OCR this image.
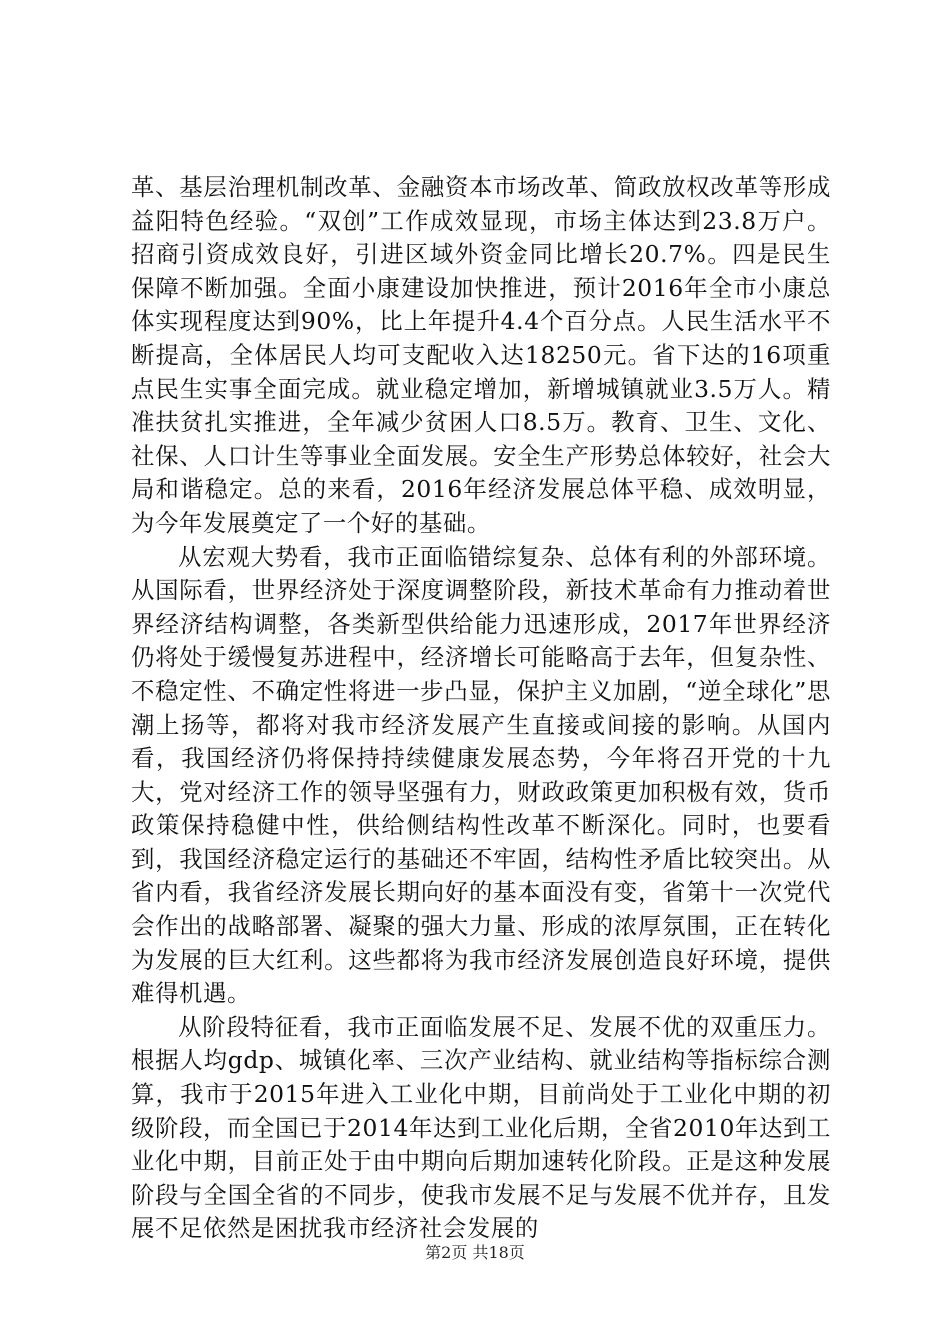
革、基层治理机制改革、金融资本市场改革、简政放权改革等形成益阳特色经验。“双创”工作成效显现，市场主体达到23.8万户。招商引资成效良好，引进区域外资金同比增长20.7%。四是民生保障不断加强。全面小康建设加快推进，预计2016年全市小康总体实现程度达到90%，比上年提升4.4个百分点。人民生活水平不断提高，全体居民人均可支配收入达18250元。省下达的16项重点民生实事全面完成。就业稳定增加，新增城镇就业3.5万人。精准扶贫扎实推进，全年减少贫困人口8.5万。教育、卫生、文化、社保、人口计生等事业全面发展。安全生产形势总体较好，社会大局和谐稳定。总的来看，2016年经济发展总体平稳、成效明显，为今年发展奠定了一个好的基础。

从宏观大势看，我市正面临错综复杂、总体有利的外部环境。从国际看，世界经济处于深度调整阶段，新技术革命有力推动着世界经济结构调整，各类新型供给能力迅速形成，2017年世界经济仍将处于缓慢复苏进程中，经济增长可能略高于去年，但复杂性、不稳定性、不确定性将进一步凸显，保护主义加剧，“逆全球化”思潮上扬等，都将对我市经济发展产生直接或间接的影响。从国内看，我国经济仍将保持持续健康发展态势，今年将召开党的十九大，党对经济工作的领导坚强有力，财政政策更加积极有效，货币政策保持稳健中性，供给侧结构性改革不断深化。同时，也要看到，我国经济稳定运行的基础还不牢固，结构性矛盾比较突出。从省内看，我省经济发展长期向好的基本面没有变，省第十一次党代会作出的战略部署、凝聚的强大力量、形成的浓厚氛围，正在转化为发展的巨大红利。这些都将为我市经济发展创造良好环境，提供难得机遇。

从阶段特征看，我市正面临发展不足、发展不优的双重压力。根据人均gdp、城镇化率、三次产业结构、就业结构等指标综合测算，我市于2015年进入工业化中期，目前尚处于工业化中期的初级阶段，而全国已于2014年达到工业化后期，全省2010年达到工业化中期，目前正处于由中期向后期加速转化阶段。正是这种发展阶段与全国全省的不同步，使我市发展不足与发展不优并存，且发展不足依然是困扰我市经济社会发展的

第2页 共18页
